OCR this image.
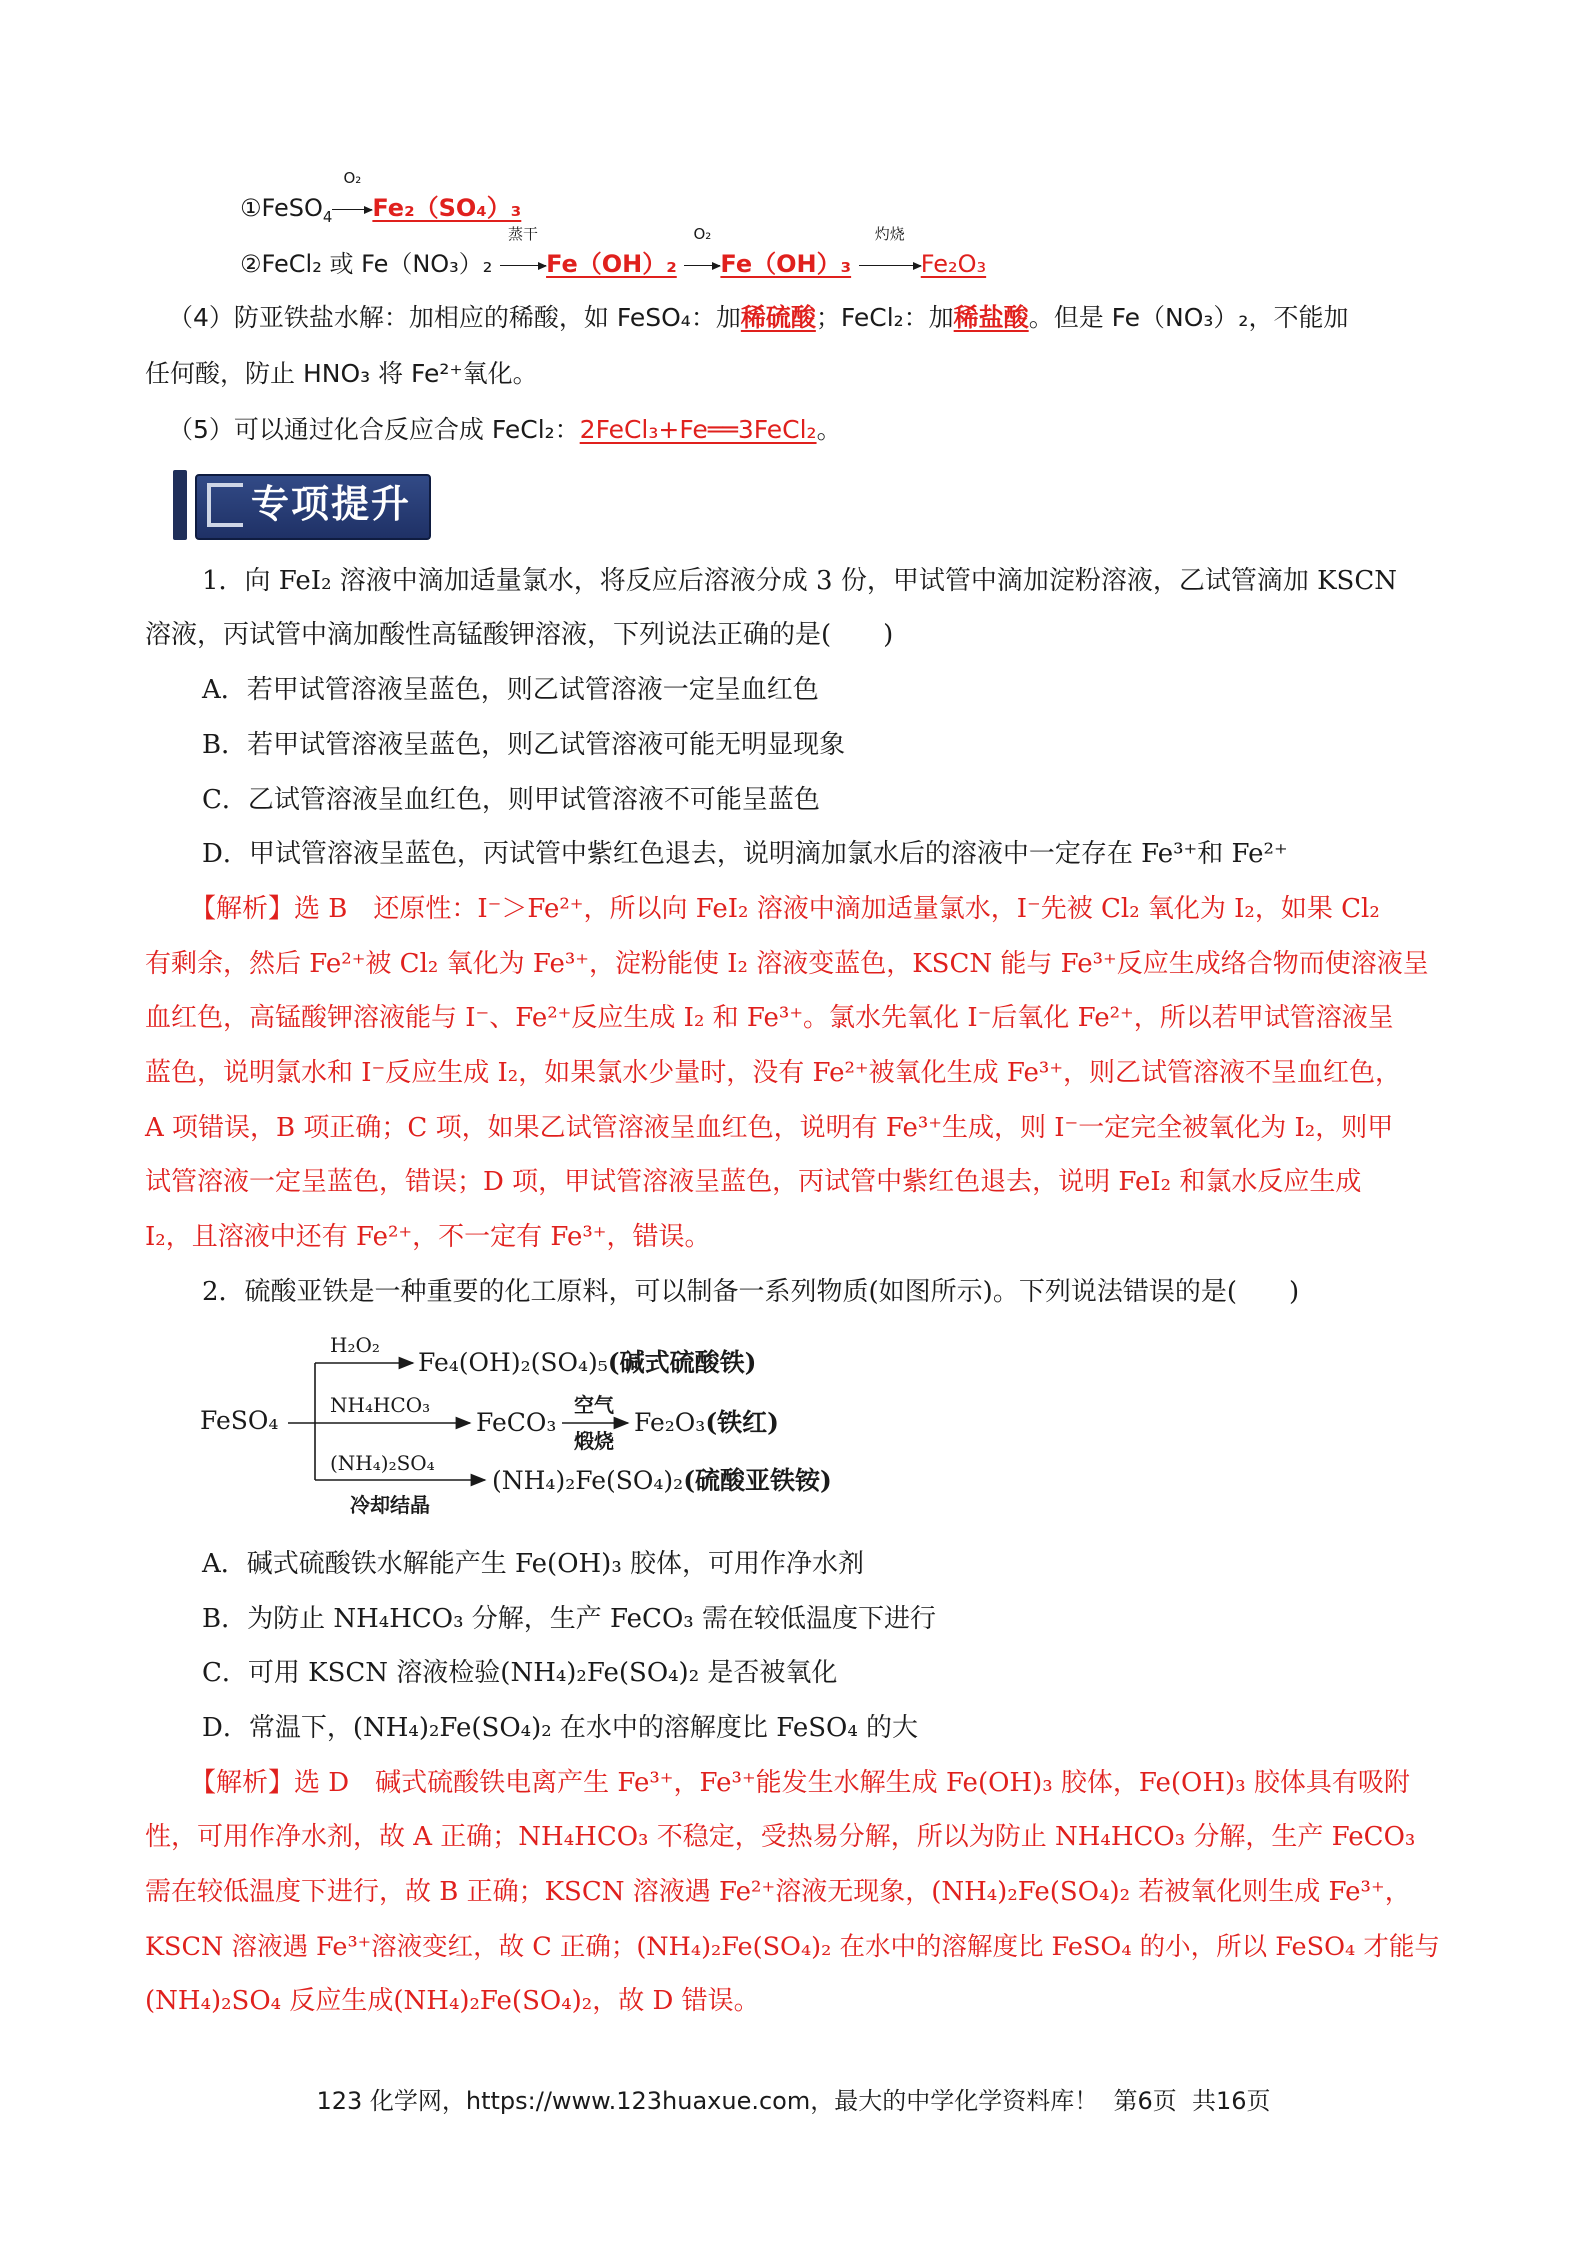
①FeSO$_4$
O₂
Fe₂（SO₄）₃
②FeCl₂ 或 Fe（NO₃）₂
蒸干
Fe（OH）₂
O₂
Fe（OH）₃
灼烧
Fe₂O₃
（4）防亚铁盐水解：加相应的稀酸，如 FeSO₄：加稀硫酸；FeCl₂：加稀盐酸。但是 Fe（NO₃）₂，不能加
任何酸，防止 HNO₃ 将 Fe²⁺氧化。
（5）可以通过化合反应合成 FeCl₂：2FeCl₃+Fe══3FeCl₂。
专项提升
1．向 FeI₂ 溶液中滴加适量氯水，将反应后溶液分成 3 份，甲试管中滴加淀粉溶液，乙试管滴加 KSCN
溶液，丙试管中滴加酸性高锰酸钾溶液，下列说法正确的是(　　)
A．若甲试管溶液呈蓝色，则乙试管溶液一定呈血红色
B．若甲试管溶液呈蓝色，则乙试管溶液可能无明显现象
C．乙试管溶液呈血红色，则甲试管溶液不可能呈蓝色
D．甲试管溶液呈蓝色，丙试管中紫红色退去，说明滴加氯水后的溶液中一定存在 Fe³⁺和 Fe²⁺
【解析】选 B　还原性：I⁻＞Fe²⁺，所以向 FeI₂ 溶液中滴加适量氯水，I⁻先被 Cl₂ 氧化为 I₂，如果 Cl₂
有剩余，然后 Fe²⁺被 Cl₂ 氧化为 Fe³⁺，淀粉能使 I₂ 溶液变蓝色，KSCN 能与 Fe³⁺反应生成络合物而使溶液呈
血红色，高锰酸钾溶液能与 I⁻、Fe²⁺反应生成 I₂ 和 Fe³⁺。氯水先氧化 I⁻后氧化 Fe²⁺，所以若甲试管溶液呈
蓝色，说明氯水和 I⁻反应生成 I₂，如果氯水少量时，没有 Fe²⁺被氧化生成 Fe³⁺，则乙试管溶液不呈血红色，
A 项错误，B 项正确；C 项，如果乙试管溶液呈血红色，说明有 Fe³⁺生成，则 I⁻一定完全被氧化为 I₂，则甲
试管溶液一定呈蓝色，错误；D 项，甲试管溶液呈蓝色，丙试管中紫红色退去，说明 FeI₂ 和氯水反应生成
I₂，且溶液中还有 Fe²⁺，不一定有 Fe³⁺，错误。
2．硫酸亚铁是一种重要的化工原料，可以制备一系列物质(如图所示)。下列说法错误的是(　　)
FeSO₄
H₂O₂
Fe₄(OH)₂(SO₄)₅(碱式硫酸铁)
NH₄HCO₃
FeCO₃
空气
煅烧
Fe₂O₃(铁红)
(NH₄)₂SO₄
冷却结晶
(NH₄)₂Fe(SO₄)₂(硫酸亚铁铵)
A．碱式硫酸铁水解能产生 Fe(OH)₃ 胶体，可用作净水剂
B．为防止 NH₄HCO₃ 分解，生产 FeCO₃ 需在较低温度下进行
C．可用 KSCN 溶液检验(NH₄)₂Fe(SO₄)₂ 是否被氧化
D．常温下，(NH₄)₂Fe(SO₄)₂ 在水中的溶解度比 FeSO₄ 的大
【解析】选 D　碱式硫酸铁电离产生 Fe³⁺，Fe³⁺能发生水解生成 Fe(OH)₃ 胶体，Fe(OH)₃ 胶体具有吸附
性，可用作净水剂，故 A 正确；NH₄HCO₃ 不稳定，受热易分解，所以为防止 NH₄HCO₃ 分解，生产 FeCO₃
需在较低温度下进行，故 B 正确；KSCN 溶液遇 Fe²⁺溶液无现象，(NH₄)₂Fe(SO₄)₂ 若被氧化则生成 Fe³⁺，
KSCN 溶液遇 Fe³⁺溶液变红，故 C 正确；(NH₄)₂Fe(SO₄)₂ 在水中的溶解度比 FeSO₄ 的小，所以 FeSO₄ 才能与
(NH₄)₂SO₄ 反应生成(NH₄)₂Fe(SO₄)₂，故 D 错误。
123 化学网，https://www.123huaxue.com，最大的中学化学资料库！  第6页  共16页
